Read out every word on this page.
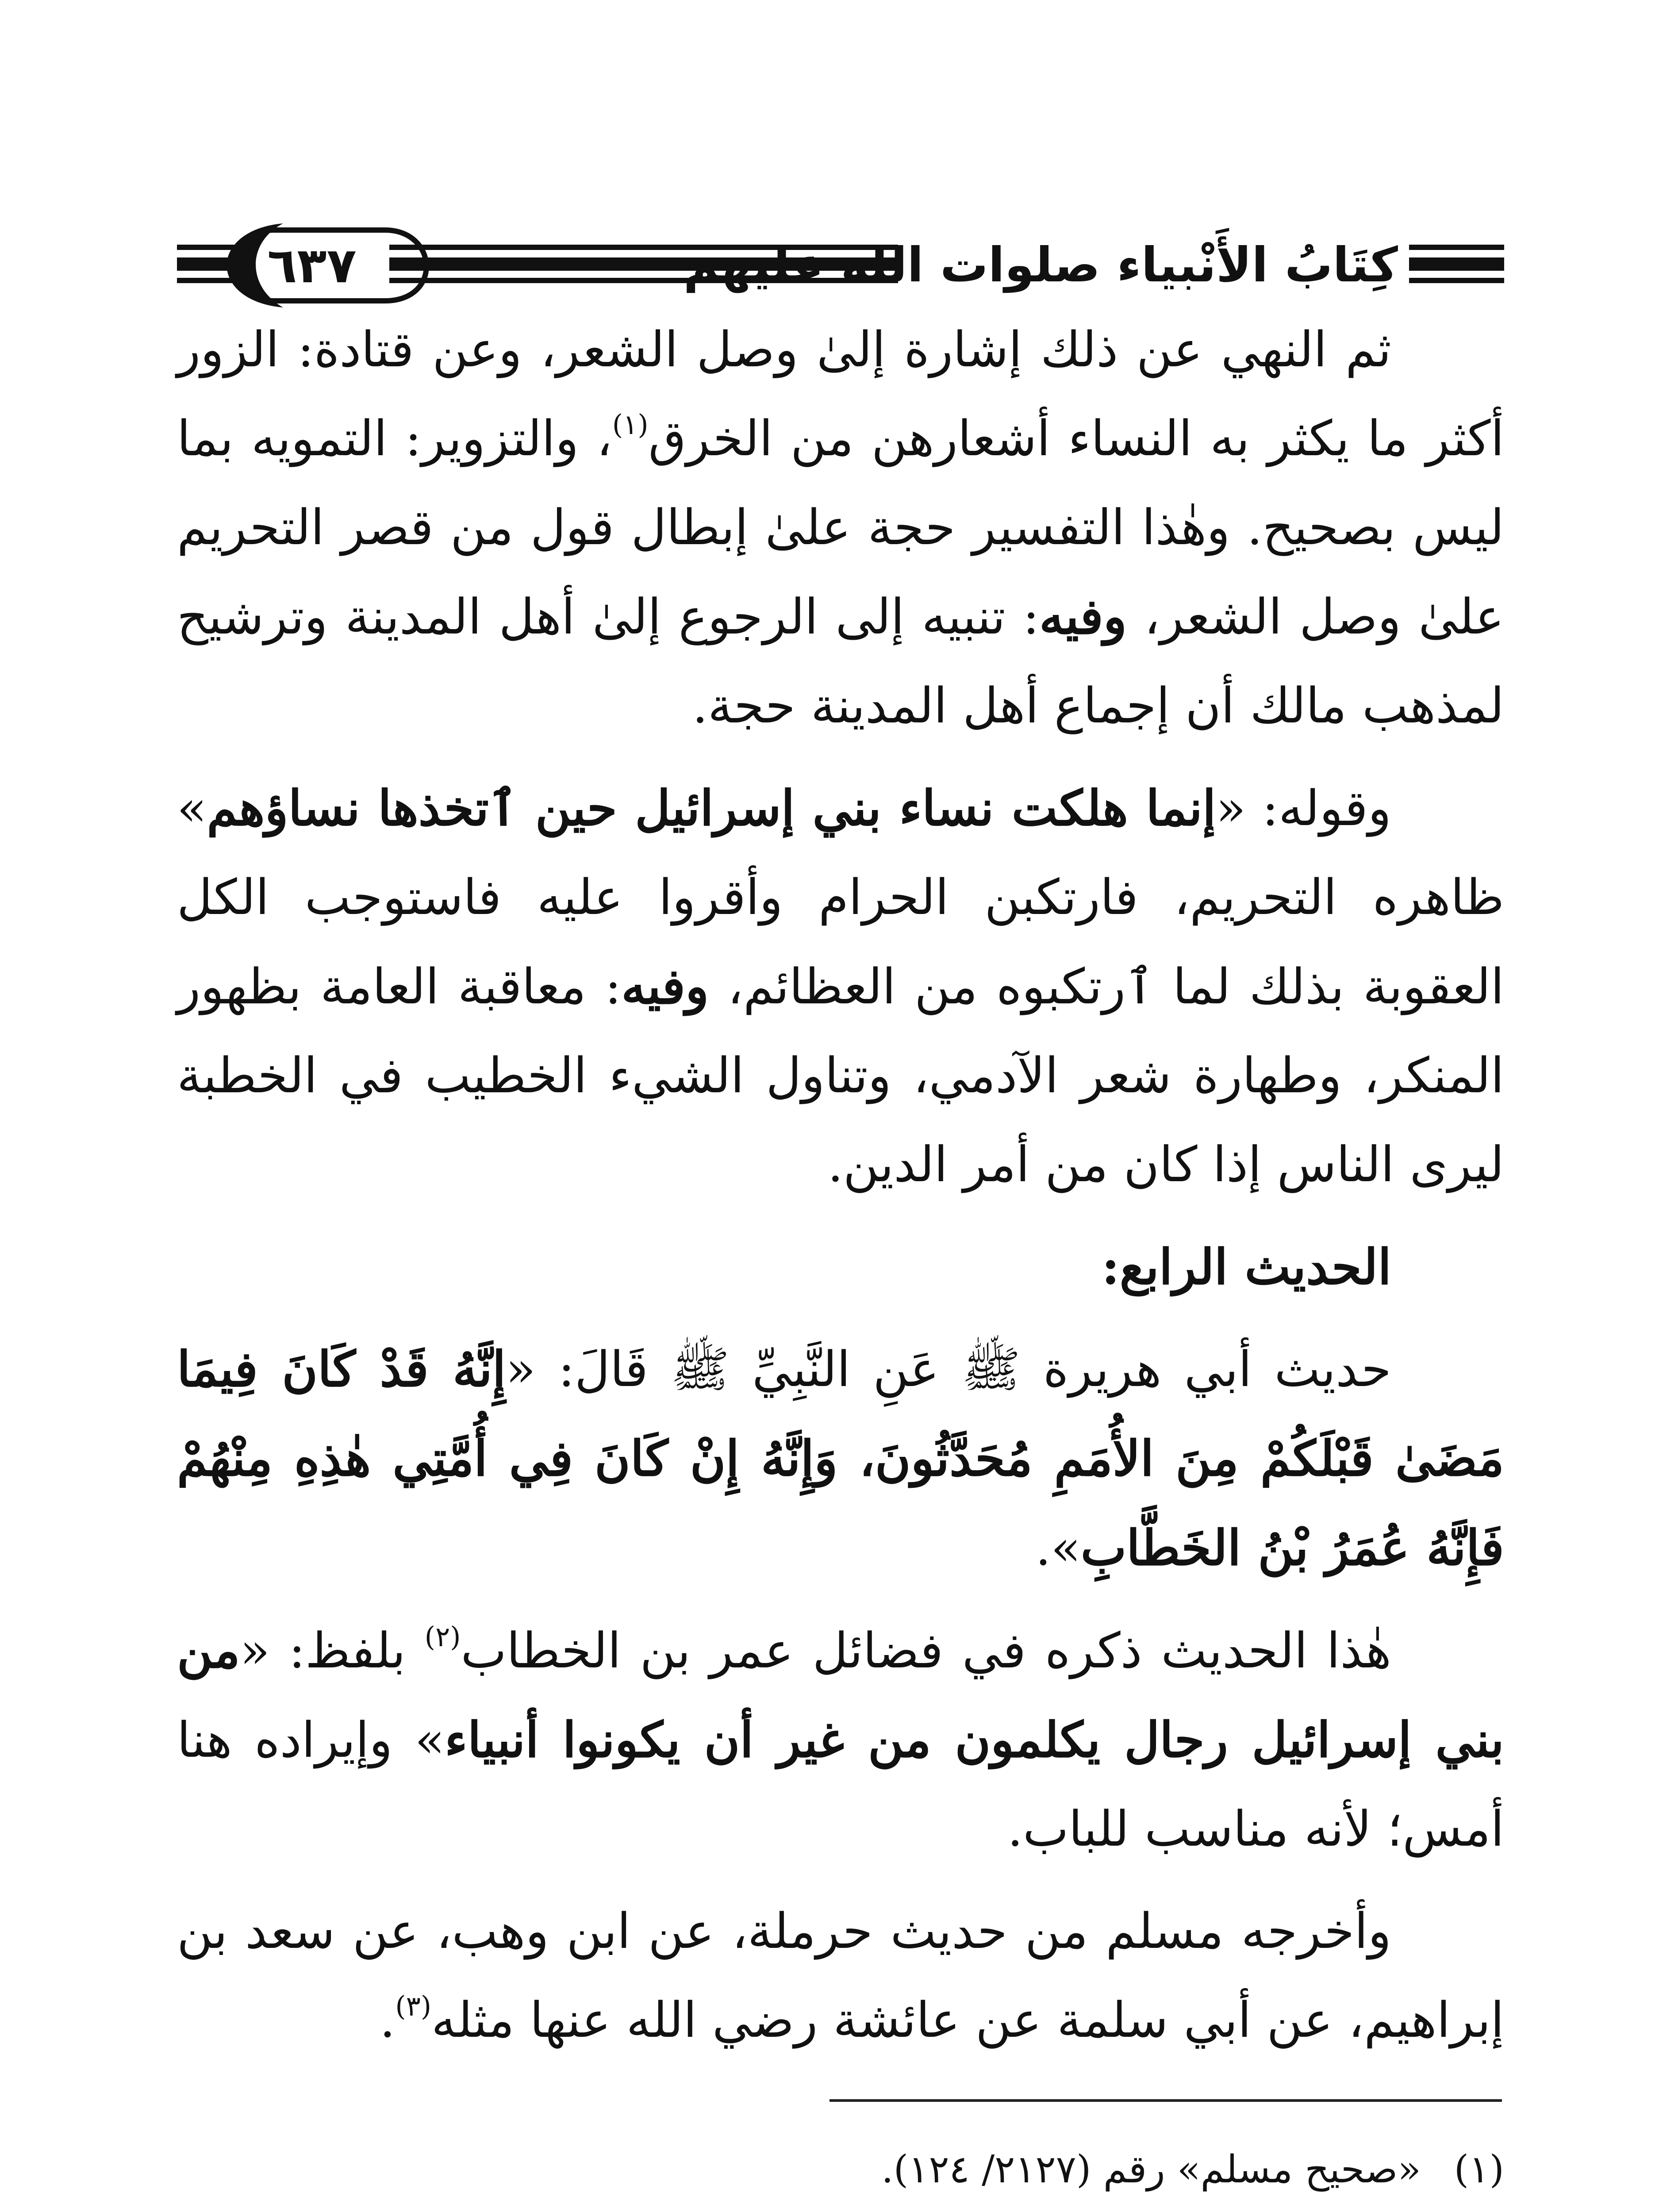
٦٣٧	كِتَابُ الأَنْبياء صلوات الله عليهم

ثم النهي عن ذلك إشارة إلىٰ وصل الشعر، وعن قتادة: الزور أكثر ما يكثر به النساء أشعارهن من الخرق$^{(١)}$، والتزوير: التمويه بما ليس بصحيح. وهٰذا التفسير حجة علىٰ إبطال قول من قصر التحريم علىٰ وصل الشعر، وفيه: تنبيه إلى الرجوع إلىٰ أهل المدينة وترشيح لمذهب مالك أن إجماع أهل المدينة حجة.

وقوله: «إنما هلكت نساء بني إسرائيل حين ٱتخذها نساؤهم» ظاهره التحريم، فارتكبن الحرام وأقروا عليه فاستوجب الكل العقوبة بذلك لما ٱرتكبوه من العظائم، وفيه: معاقبة العامة بظهور المنكر، وطهارة شعر الآدمي، وتناول الشيء الخطيب في الخطبة ليرى الناس إذا كان من أمر الدين.

الحديث الرابع:

حديث أبي هريرة ﷺ عَنِ النَّبِيِّ ﷺ قَالَ: «إِنَّهُ قَدْ كَانَ فِيمَا مَضَىٰ قَبْلَكُمْ مِنَ الأُمَمِ مُحَدَّثُونَ، وَإِنَّهُ إِنْ كَانَ فِي أُمَّتِي هٰذِهِ مِنْهُمْ فَإِنَّهُ عُمَرُ بْنُ الخَطَّابِ».

هٰذا الحديث ذكره في فضائل عمر بن الخطاب$^{(٢)}$ بلفظ: «من بني إسرائيل رجال يكلمون من غير أن يكونوا أنبياء» وإيراده هنا أمس؛ لأنه مناسب للباب.

وأخرجه مسلم من حديث حرملة، عن ابن وهب، عن سعد بن إبراهيم، عن أبي سلمة عن عائشة رضي الله عنها مثله$^{(٣)}$.

(١)
«صحيح مسلم» رقم (٢١٢٧/ ١٢٤).
